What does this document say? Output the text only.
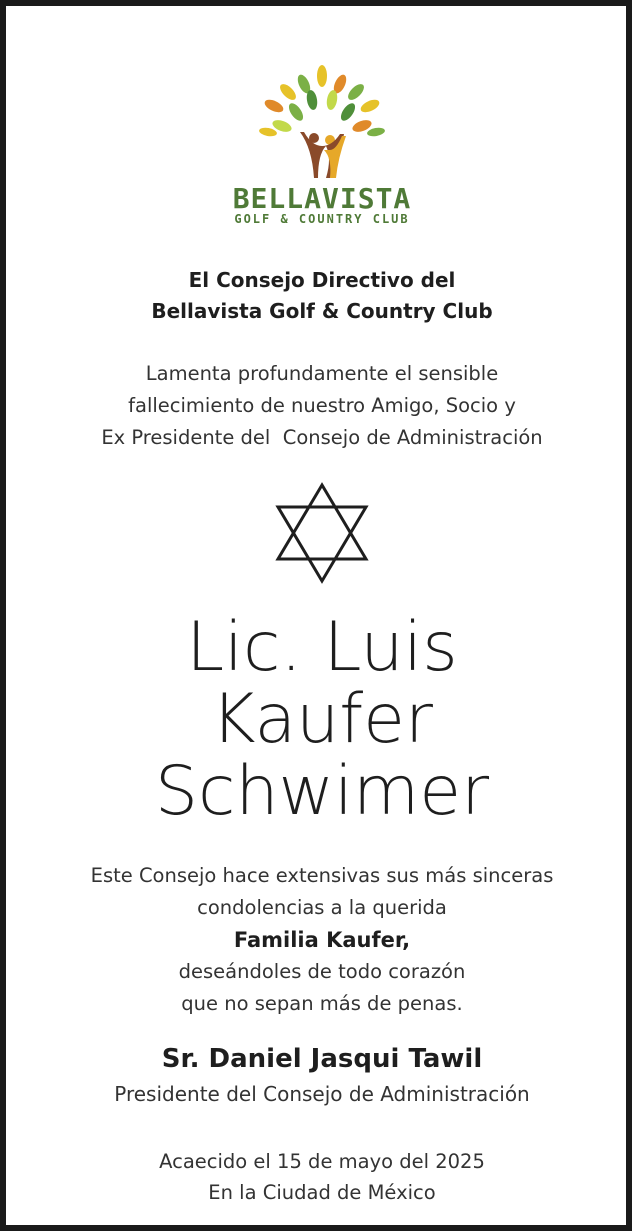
BELLAVISTA
GOLF & COUNTRY CLUB
El Consejo Directivo del
Bellavista Golf & Country Club
Lamenta profundamente el sensible
fallecimiento de nuestro Amigo, Socio y
Ex Presidente del  Consejo de Administración
Lic. Luis
Kaufer
Schwimer
Este Consejo hace extensivas sus más sinceras
condolencias a la querida
Familia Kaufer,
deseándoles de todo corazón
que no sepan más de penas.
Sr. Daniel Jasqui Tawil
Presidente del Consejo de Administración
Acaecido el 15 de mayo del 2025
En la Ciudad de México
